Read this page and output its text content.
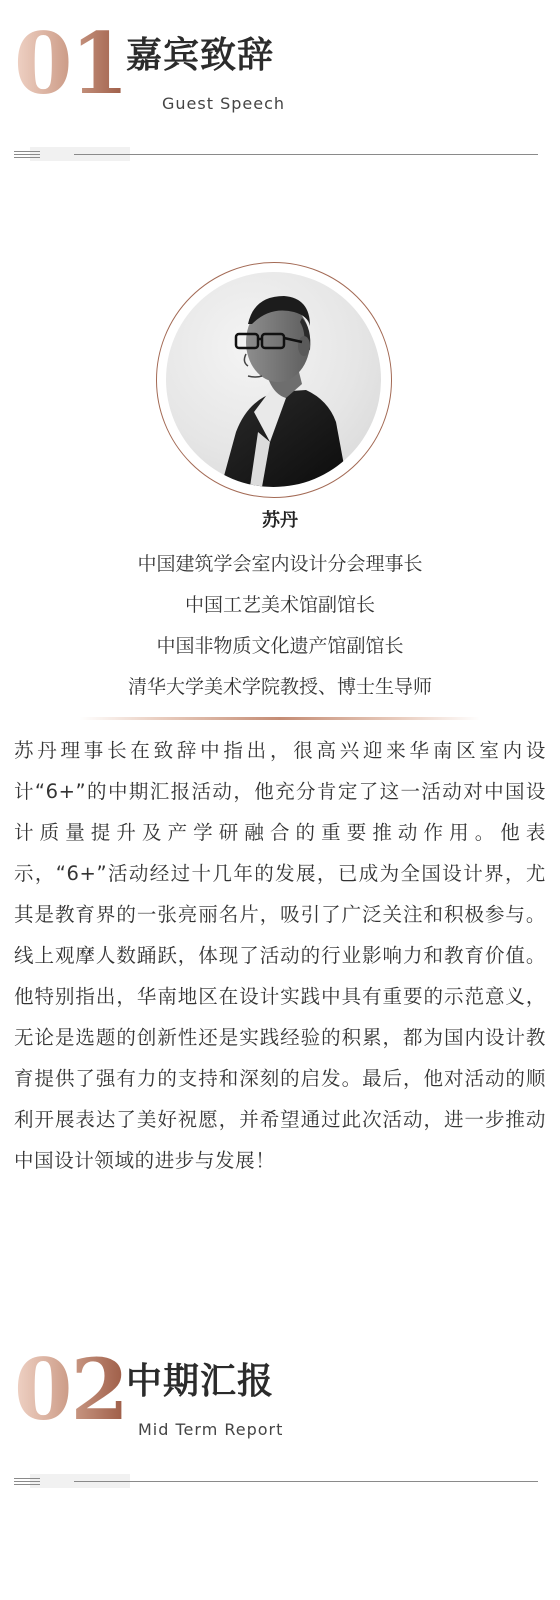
01 嘉宾致辞
Guest Speech
苏丹
中国建筑学会室内设计分会理事长
中国工艺美术馆副馆长
中国非物质文化遗产馆副馆长
清华大学美术学院教授、博士生导师

苏丹理事长在致辞中指出，很高兴迎来华南区室内设计“6+”的中期汇报活动，他充分肯定了这一活动对中国设计质量提升及产学研融合的重要推动作用。他表示，“6+”活动经过十几年的发展，已成为全国设计界，尤其是教育界的一张亮丽名片，吸引了广泛关注和积极参与。线上观摩人数踊跃，体现了活动的行业影响力和教育价值。他特别指出，华南地区在设计实践中具有重要的示范意义，无论是选题的创新性还是实践经验的积累，都为国内设计教育提供了强有力的支持和深刻的启发。最后，他对活动的顺利开展表达了美好祝愿，并希望通过此次活动，进一步推动中国设计领域的进步与发展！

02 中期汇报
Mid Term Report
